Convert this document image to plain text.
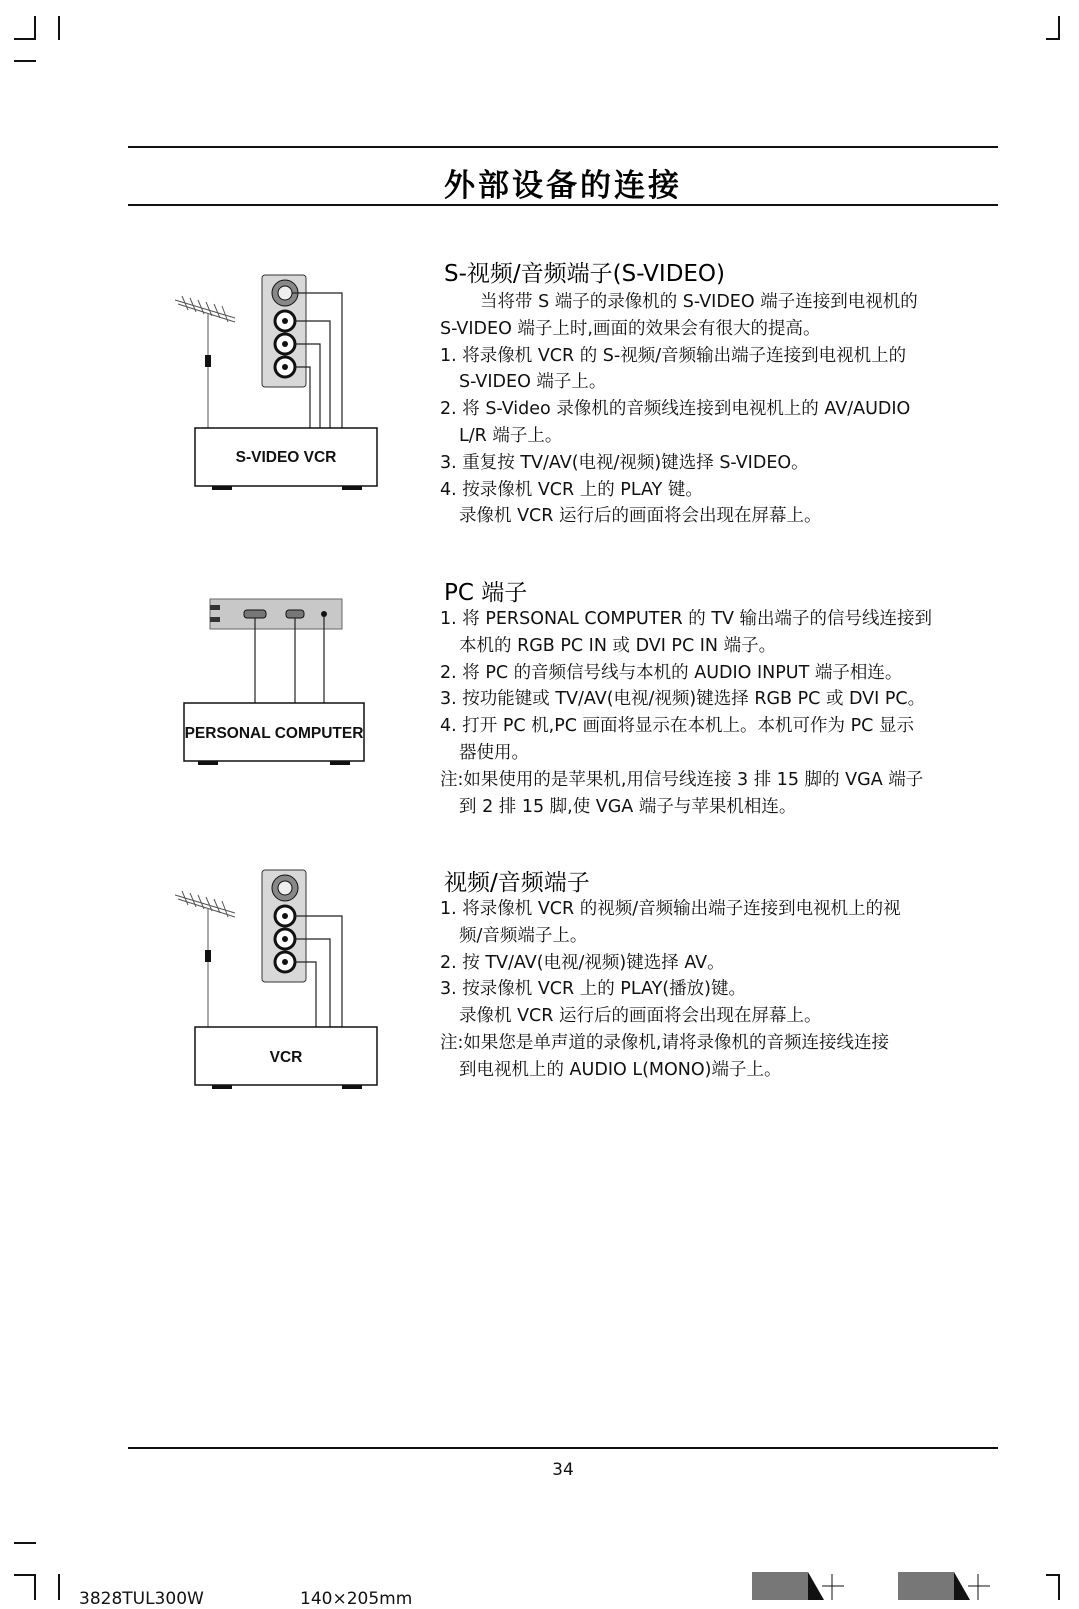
外部设备的连接
S-VIDEO VCR
S-视频/音频端子(S-VIDEO)

当将带 S 端子的录像机的 S-VIDEO 端子连接到电视机的

S-VIDEO 端子上时,画面的效果会有很大的提高。

1. 将录像机 VCR 的 S-视频/音频输出端子连接到电视机上的

S-VIDEO 端子上。

2. 将 S-Video 录像机的音频线连接到电视机上的 AV/AUDIO

L/R 端子上。

3. 重复按 TV/AV(电视/视频)键选择 S-VIDEO。

4. 按录像机 VCR 上的 PLAY 键。

录像机 VCR 运行后的画面将会出现在屏幕上。

PERSONAL COMPUTER
PC 端子

1. 将 PERSONAL COMPUTER 的 TV 输出端子的信号线连接到

本机的 RGB PC IN 或 DVI PC IN 端子。

2. 将 PC 的音频信号线与本机的 AUDIO INPUT 端子相连。

3. 按功能键或 TV/AV(电视/视频)键选择 RGB PC 或 DVI PC。

4. 打开 PC 机,PC 画面将显示在本机上。本机可作为 PC 显示

器使用。

注:如果使用的是苹果机,用信号线连接 3 排 15 脚的 VGA 端子

到 2 排 15 脚,使 VGA 端子与苹果机相连。

VCR
视频/音频端子

1. 将录像机 VCR 的视频/音频输出端子连接到电视机上的视

频/音频端子上。

2. 按 TV/AV(电视/视频)键选择 AV。

3. 按录像机 VCR 上的 PLAY(播放)键。

录像机 VCR 运行后的画面将会出现在屏幕上。

注:如果您是单声道的录像机,请将录像机的音频连接线连接

到电视机上的 AUDIO L(MONO)端子上。

34
3828TUL300W	140×205mm
